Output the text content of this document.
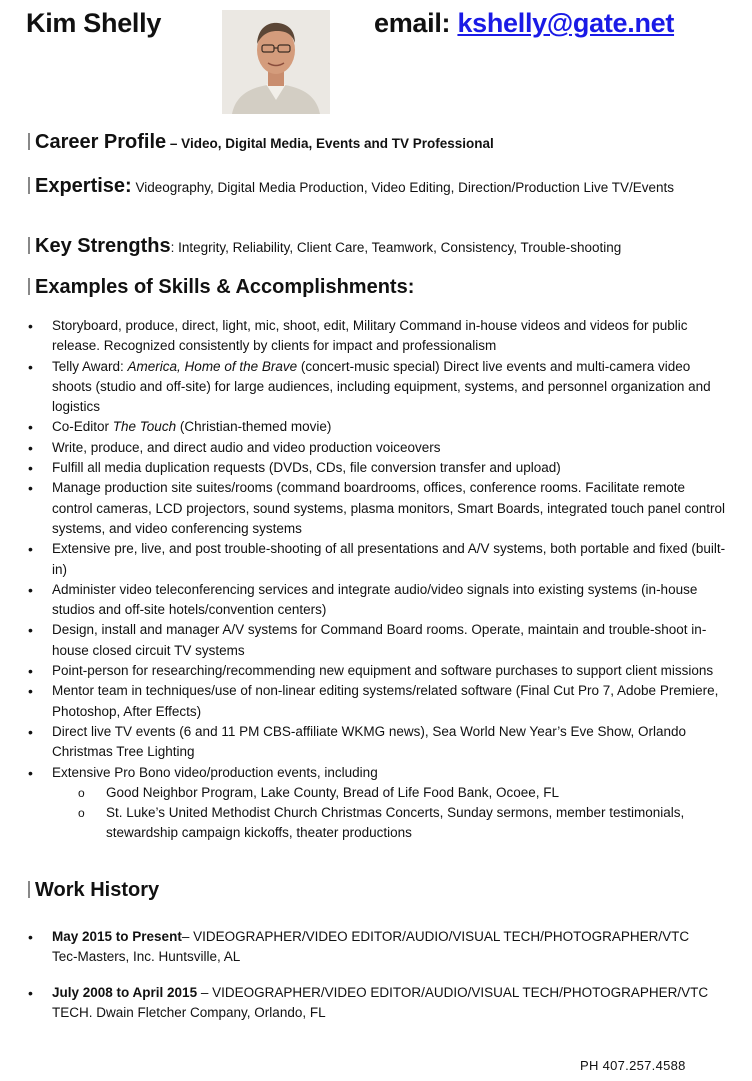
Kim Shelly	email: kshelly@gate.net
Career Profile – Video, Digital Media, Events and TV Professional
Expertise: Videography, Digital Media Production, Video Editing, Direction/Production Live TV/Events
Key Strengths: Integrity, Reliability, Client Care, Teamwork, Consistency, Trouble-shooting
Examples of Skills & Accomplishments:
• Storyboard, produce, direct, light, mic, shoot, edit, Military Command in-house videos and videos for public release. Recognized consistently by clients for impact and professionalism
• Telly Award: America, Home of the Brave (concert-music special) Direct live events and multi-camera video shoots (studio and off-site) for large audiences, including equipment, systems, and personnel organization and logistics
• Co-Editor The Touch (Christian-themed movie)
• Write, produce, and direct audio and video production voiceovers
• Fulfill all media duplication requests (DVDs, CDs, file conversion transfer and upload)
• Manage production site suites/rooms (command boardrooms, offices, conference rooms. Facilitate remote control cameras, LCD projectors, sound systems, plasma monitors, Smart Boards, integrated touch panel control systems, and video conferencing systems
• Extensive pre, live, and post trouble-shooting of all presentations and A/V systems, both portable and fixed (built-in)
• Administer video teleconferencing services and integrate audio/video signals into existing systems (in-house studios and off-site hotels/convention centers)
• Design, install and manager A/V systems for Command Board rooms. Operate, maintain and trouble-shoot in-house closed circuit TV systems
• Point-person for researching/recommending new equipment and software purchases to support client missions
• Mentor team in techniques/use of non-linear editing systems/related software (Final Cut Pro 7, Adobe Premiere, Photoshop, After Effects)
• Direct live TV events (6 and 11 PM CBS-affiliate WKMG news), Sea World New Year’s Eve Show, Orlando Christmas Tree Lighting
• Extensive Pro Bono video/production events, including
o Good Neighbor Program, Lake County, Bread of Life Food Bank, Ocoee, FL
o St. Luke’s United Methodist Church Christmas Concerts, Sunday sermons, member testimonials, stewardship campaign kickoffs, theater productions
Work History
•	May 2015 to Present– VIDEOGRAPHER/VIDEO EDITOR/AUDIO/VISUAL TECH/PHOTOGRAPHER/VTC
Tec-Masters, Inc. Huntsville, AL
•	July 2008 to April 2015 – VIDEOGRAPHER/VIDEO EDITOR/AUDIO/VISUAL TECH/PHOTOGRAPHER/VTC TECH. Dwain Fletcher Company, Orlando, FL
PH 407.257.4588
